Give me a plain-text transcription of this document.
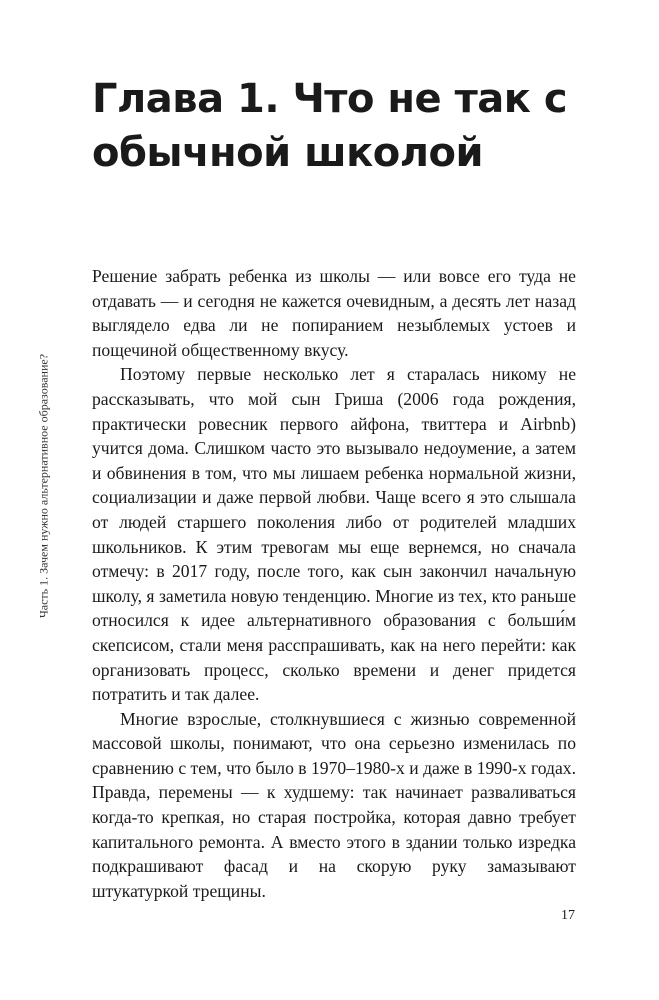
Глава 1. Что не так с обычной школой
Часть 1. Зачем нужно альтернативное образование?

Решение забрать ребенка из школы — или вовсе его туда не отдавать — и сегодня не кажется очевидным, а десять лет назад выглядело едва ли не попиранием незыблемых устоев и пощечиной общественному вкусу.

Поэтому первые несколько лет я старалась никому не рассказывать, что мой сын Гриша (2006 года рождения, практически ровесник первого айфона, твиттера и Airbnb) учится дома. Слишком часто это вызывало недоумение, а затем и обвинения в том, что мы лишаем ребенка нормальной жизни, социализации и даже первой любви. Чаще всего я это слышала от людей старшего поколения либо от родителей младших школьников. К этим тревогам мы еще вернемся, но сначала отмечу: в 2017 году, после того, как сын закончил начальную школу, я заметила новую тенденцию. Многие из тех, кто раньше относился к идее альтернативного образования с больши́м скепсисом, стали меня расспрашивать, как на него перейти: как организовать процесс, сколько времени и денег придется потратить и так далее.

Многие взрослые, столкнувшиеся с жизнью современной массовой школы, понимают, что она серьезно изменилась по сравнению с тем, что было в 1970–1980-х и даже в 1990-х годах. Правда, перемены — к худшему: так начинает разваливаться когда-то крепкая, но старая постройка, которая давно требует капитального ремонта. А вместо этого в здании только изредка подкрашивают фасад и на скорую руку замазывают штукатуркой трещины.

17
